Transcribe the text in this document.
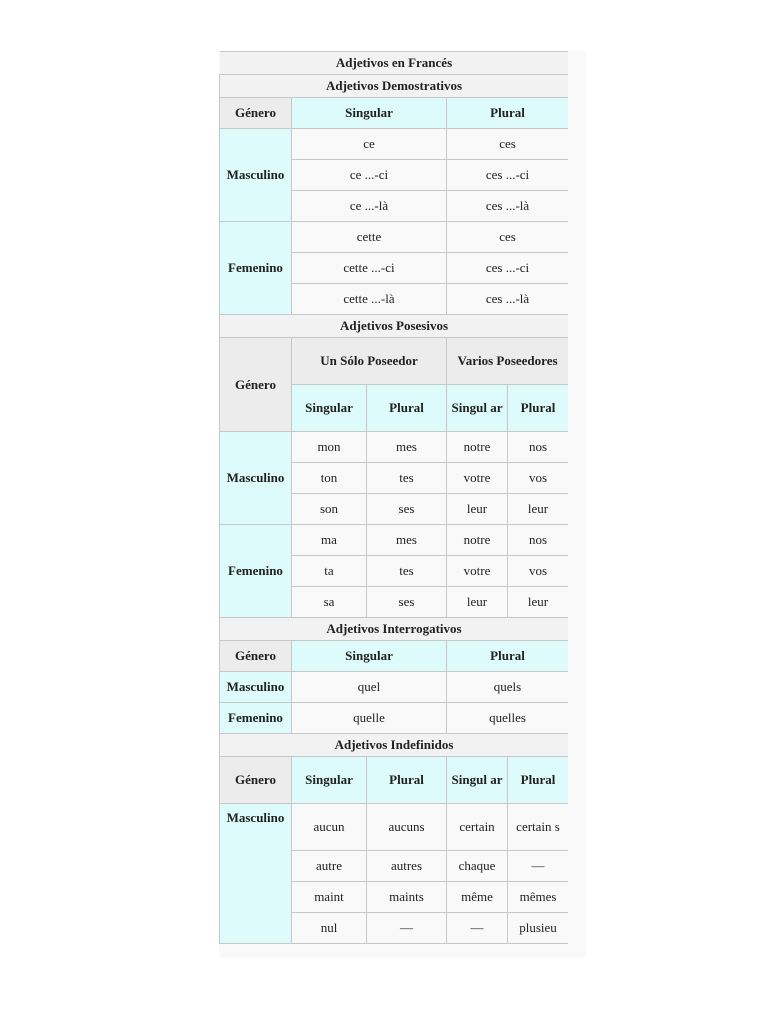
Adjetivos en Francés				
Adjetivos Demostrativos				
Género	Singular		Plural	
Masculino	ce		ces	
	ce ...-ci		ces ...-ci	
	ce ...-là		ces ...-là	
Femenino	cette		ces	
	cette ...-ci		ces ...-ci	
	cette ...-là		ces ...-là	
Adjetivos Posesivos				
Género	Un Sólo Poseedor		Varios Poseedores	
	Singular	Plural	Singul ar	Plural
Masculino	mon	mes	notre	nos
	ton	tes	votre	vos
	son	ses	leur	leur
Femenino	ma	mes	notre	nos
	ta	tes	votre	vos
	sa	ses	leur	leur
Adjetivos Interrogativos				
Género	Singular		Plural	
Masculino	quel		quels	
Femenino	quelle		quelles	
Adjetivos Indefinidos				
Género	Singular	Plural	Singul ar	Plural
Masculino	aucun	aucuns	certain	certain s
	autre	autres	chaque	—
	maint	maints	même	mêmes
	nul	—	—	plusieu
